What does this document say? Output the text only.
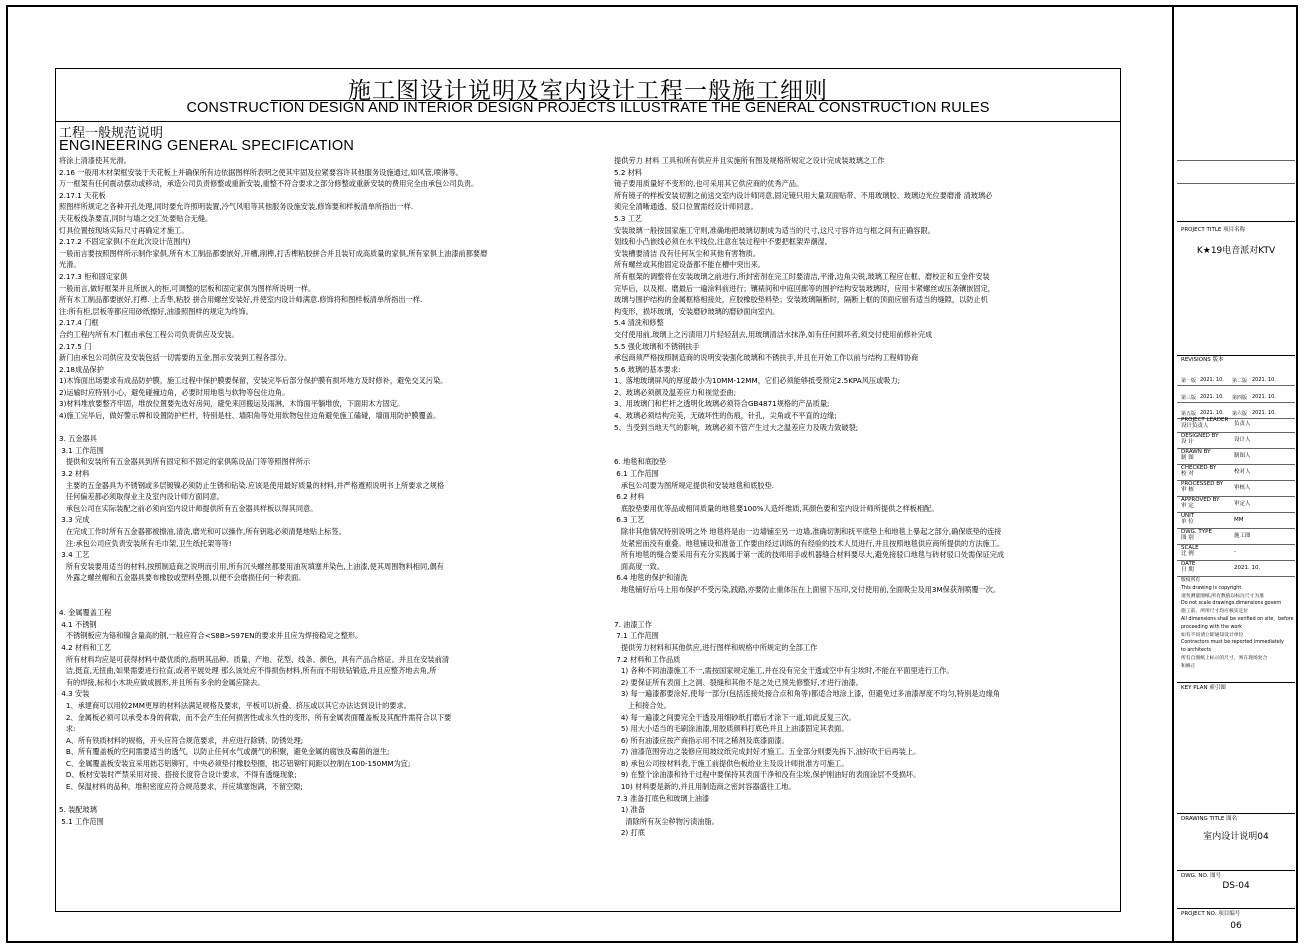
施工图设计说明及室内设计工程一般施工细则
CONSTRUCTION DESIGN AND INTERIOR DESIGN PROJECTS ILLUSTRATE THE GENERAL CONSTRUCTION RULES
工程一般规范说明
ENGINEERING GENERAL SPECIFICATION
将涂上清漆使其光滑。
2.16 一般用木材架框安装于天花板上并确保所有边依据图样所表明之使其牢固及拉紧要容许其他服务设施通过,如风管,喷淋等。
万一框架有任何震动摆动或移动，承造公司负责修整或重新安装,重整不符合要求之部分修整或重新安装的费用完全由承包公司负责。
2.17.1 天花板
照图样所规定之各种开孔处理,同时要允许照明装置,冷气风咀等其他服务设施安装,修饰要和样板清单所指出一样.
天花板线条要直,同时与墙之交汇处要贴合无缝。
灯具位置按现场实际尺寸再确定才施工。
2.17.2 不固定家俱(不在此次设计范围内)
一般而言要按照图样所示制作家俱,所有木工制品都要嵌好,开槽,削榫,打舌榫粘胶拼合并且装钉成高质量的家俱,所有家俱上油漆前都要磨
光滑。
2.17.3 柜和固定家俱
一般而言,做好框架并且所嵌入的柜,可调整的层板和固定家俱为图样所说明一样。
所有木工制品都要嵌好,打榫. 上舌隼,粘胶 拼合用螺丝安装好,并使室内设计师满意.修饰将和图样板清单所指出一样.
注:所有柜,层板等都应用砂纸擦好,油漆照图样的规定为终饰。
2.17.4 门框
合约工程内所有木门框由承包工程公司负责供应及安装。
2.17.5 门
新门由承包公司供应及安装包括一切需要的五金,图示安装到工程各部分。
2.18成品保护
1)木饰面出场要求有成品防护膜，施工过程中保护膜要保留，安装完毕后部分保护膜有损坏地方及时修补，避免交叉污染。
2)运输时应特别小心，避免碰撞边角，必要时用地毯与软物等包住边角。
3)材料堆放要整齐牢固，堆放位置要先选好房间，避免来回搬运及雨淋，木饰面平躺堆放，下面用木方固定。
4)施工完毕后，做好警示牌和设置防护栏杆，特别是柱、墙阳角等处用软物包住边角避免施工磕碰，墙面用防护膜覆盖。
3. 五金器具
3.1 工作范围
提供和安装所有五金器具到所有固定和不固定的家俱陈设品门等等照图样所示
3.2 材料
主要的五金器具为不锈钢或多层镀镍必须防止生锈和钻染.应该是使用最好质量的材料,并严格遵照说明书上所要求之规格
任何偏差都必须取得业主及室内设计师方面同意。
承包公司在实际装配之前必须向室内设计师提供所有五金器具样板以得其同意。
3.3 完成
在完成工作时所有五金器都被擦油,清洗,磨光和可以操作,所有钥匙必须清楚地贴上标签。
注:承包公司应负责安装所有毛巾架,卫生纸托架等等!
3.4 工艺
所有安装要用适当的材料,按照制造商之说明而引用,所有沉头螺丝都要用油灰填塞并染色,上油漆,使其周围物料相同,偶有
外露之螺丝帽和五金器具要布橡胶或塑料垫圈,以便不会磨损任何一种表面。
4. 金属覆盖工程
4.1 不锈钢
不锈钢板应为铬和镍含量高的钢,一般应符合<S8B>S97EN的要求并且应为焊接稳定之整形。
4.2 材料和工艺
所有材料均应是可获得材料中最优质的,指明其品种、质量、产地、花型、线条、颜色，具有产品合格证。并且在安装前清
洁,挺直,无扭曲,如果需要进行拉直,或者平展处理 那么该处应不得损伤材料,所有而不用铁钻锻造,并且应整齐地去角,所
有的焊接,标和小木块应做成圆形,并且所有多余的金属应除去。
4.3 安装
1、承建商可以用较2MM更厚的材料法满足规格及要求，平板可以折叠、挤压或以其它办法达到设计的要求。
2、金属板必须可以承受本身的荷载，而不会产生任何损害性或永久性的变形，所有金属表面覆盖板及其配件需符合以下要
求:
A、所有铁质材料的规格，开头应符合规范要求，并应进行除锈、防锈处理;
B、所有覆盖板的空间需要适当的透气，以防止任何水气或潮气的积聚，避免金属的腐蚀及霉菌的滋生;
C、金属覆盖板安装宜采用拙芯铝铆钉，中央必须垫付橡胶垫圈，拙芯铝铆钉间距以控制在100-150MM为宜;
D、板材安装时严禁采用对接、搭接长度符合设计要求，不得有透缝现象;
E、保温材料的品种，堆积密度应符合规范要求，并应填塞饱满，不留空隙;
5. 装配玻璃
5.1 工作范围
提供劳力 材料 工具和所有供应并且实施所有图及规格所规定之设计完成装玻璃之工作
5.2 材料
镜子要用质量好不变形的,也可采用其它供应商的优秀产品。
所有镜子的样板安装切割之前送交室内设计师同意,固定镜只用大量双面贴带、不用玻璃胶、玻璃边光位要磨滑 清玻璃必
须完全清晰通透、驳口位置需经设计师同意。
5.3 工艺
安装玻璃一般按国家施工守则,准确地把玻璃切割成为适当的尺寸,这尺寸容许边与框之间有正确容限。
划线和小凸嵌线必须在水平线位,注意在装过程中不要把框架弄潮湿。
安装槽要清洁 没有任何灰尘和其他有害物质。
所有螺丝或其他固定设备都不能在槽中突出来。
所有框架的调整将在安装玻璃之前进行,所封密剂在完工时要清洁,平滑,边角尖锐,玻璃工程应在框、磨校正和五金件安装
完毕后，以及框、磨最后一遍涂料前进行；镶裱间和中庭回廊等的围护结构安装玻璃时，应用卡紧螺丝或压条镶嵌固定，
玻璃与围护结构的金属框格相接处，应胶橡胶垫料垫；安装玻璃隔断时，隔断上框的顶面应留有适当的缝隙，以防止机
构变形，损坏玻璃，安装磨砂玻璃的磨砂面向室内。
5.4 清洗和修整
交付使用前,玻璃上之污渍用刀片轻轻刮去,用玻璃清洁水抹净,如有任何损坏者,须交付使用前修补完成
5.5 强化玻璃和不锈钢扶手
承包商须严格按照制造商的说明安装强化玻璃和不锈扶手,并且在开始工作以前与结构工程师协商
5.6 玻璃的基本要求:
1、落地玻璃屏风的厚度最小为10MM-12MM，它们必须能够抵受预定2.5KPA风压或吸力;
2、玻璃必须颜及温差应力和视觉歪曲;
3、用玻璃门和栏杆之透明化玻璃必须符合GB4871规格的产品质量;
4、玻璃必须结构完美，无破坏性的伤痕，针孔，尖角或不平直的边缘;
5、当受到当地天气的影响，玻璃必须不管产生过大之温差应力及吸力致破裂;
6. 地毯和底胶垫
6.1 工作范围
承包公司要为图所规定提供和安装地毯和底胶垫.
6.2 材料
底胶垫要用优等品或相同质量的地毯要100%人造纤维质,其颜色要和室内设计师所提供之样板相配。
6.3 工艺
除非其他情况特别说明之外 地毯将是由一边墙铺至另一边墙,准确切割和抚平底垫上和地毯上暴起之部分,确保底垫的连接
处紧密而没有重叠。地毯铺设和准备工作要由经过训练的有经验的技术人员进行,并且按照地毯供应商所提供的方法施工。
所有地毯的缝合要采用有充分实践属于第一流的技师用手或机器缝合材料要尽大,避免接驳口地毯与砖材驳口处需保证完成
面高度一致。
6.4 地毯的保护和清洗
地毯铺好后马上用布保护不受污染,践踏,亦要防止重体压在上面留下压印,交付使用前,全面吸尘及用3M保获剂喷覆一次。
7. 油漆工作
7.1 工作范围
提供劳力材料和其他供应,进行图样和规格中所规定的全部工作
7.2 材料和工作品质
1) 各种不同油漆施工不一,需按国家规定施工,并在没有完全干透或空中有尘埃时,不能在平面里进行工作。
2) 要保证所有表面上之洞、裂缝和其他不是之处已预先修整好,才进行油漆。
3) 每一遍漆都要涂好,使每一部分(包括连接处接合点和角等)都适合地涂上漆，但避免过多油漆厚度不均匀,特别是边缘角
上和接合处。
4) 每一遍漆之间要完全干透及用细砂纸打磨后才涂下一道,如此反复三次。
5) 用大小适当的毛刷涂油漆,用胶质颜料打底色并且上油漆固定其表面。
6) 所有油漆应按产商指示用不同之稀剂及底漆面漆。
7) 油漆范围旁边之装修应用坡纹纸完成封好才施工。五金部分则要先拆下,油好吹干后再装上。
8) 承包公司按材料表,于施工前提供色板给业主及设计师批准方可施工。
9) 在整个涂油漆和待干过程中要保持其表面干净和没有尘埃,保护刚油好的表面涂层不受损坏。
10) 材料要是新的,并且用制造商之密封容器盛往工地。
7.3 准备打底色和玻璃上油漆
1) 准备
清除所有灰尘秽物污渍油脂。
2) 打底
PROJECT TITLE 项目名称
K★19电音派对KTV
REVISIONS 版本
第一版 2021. 10. 第二版 2021. 10.
第三版 2021. 10. 第四版 2021. 10.
第五版 2021. 10. 第六版 2021. 10.
PROJECT LEADER
设计负责人	负责人
DESIGNED BY
设 计	设计人
DRAWN BY
制 图	制图人
CHECKED BY
校 对	校对人
PROCESSED BY
审 核	审核人
APPROVED BY
审 定	审定人
UNIT
单 位	MM
DWG. TYPE
图 别	施工图
SCALE
比 例	-
DATE
日 期	2021. 10.
版权所有
This drawing is copyright
请勿测量图纸,所有数值以标注尺寸为准
Do not scale drawings.dimensions govern
施工前，所用尺寸均应核实定位
All dimensions shall be verified on site，before
proceeding with the work
如有不同请立即通知设计单位
Contractors must be reported immediately
to architects
所有自图纸上标示的尺寸，须在现场复合
和修正
KEY PLAN 索引图
DRAWING TITLE 图名
室内设计说明04
DWG. NO. 图号
DS-04
PROJECT NO. 项目编号
06
